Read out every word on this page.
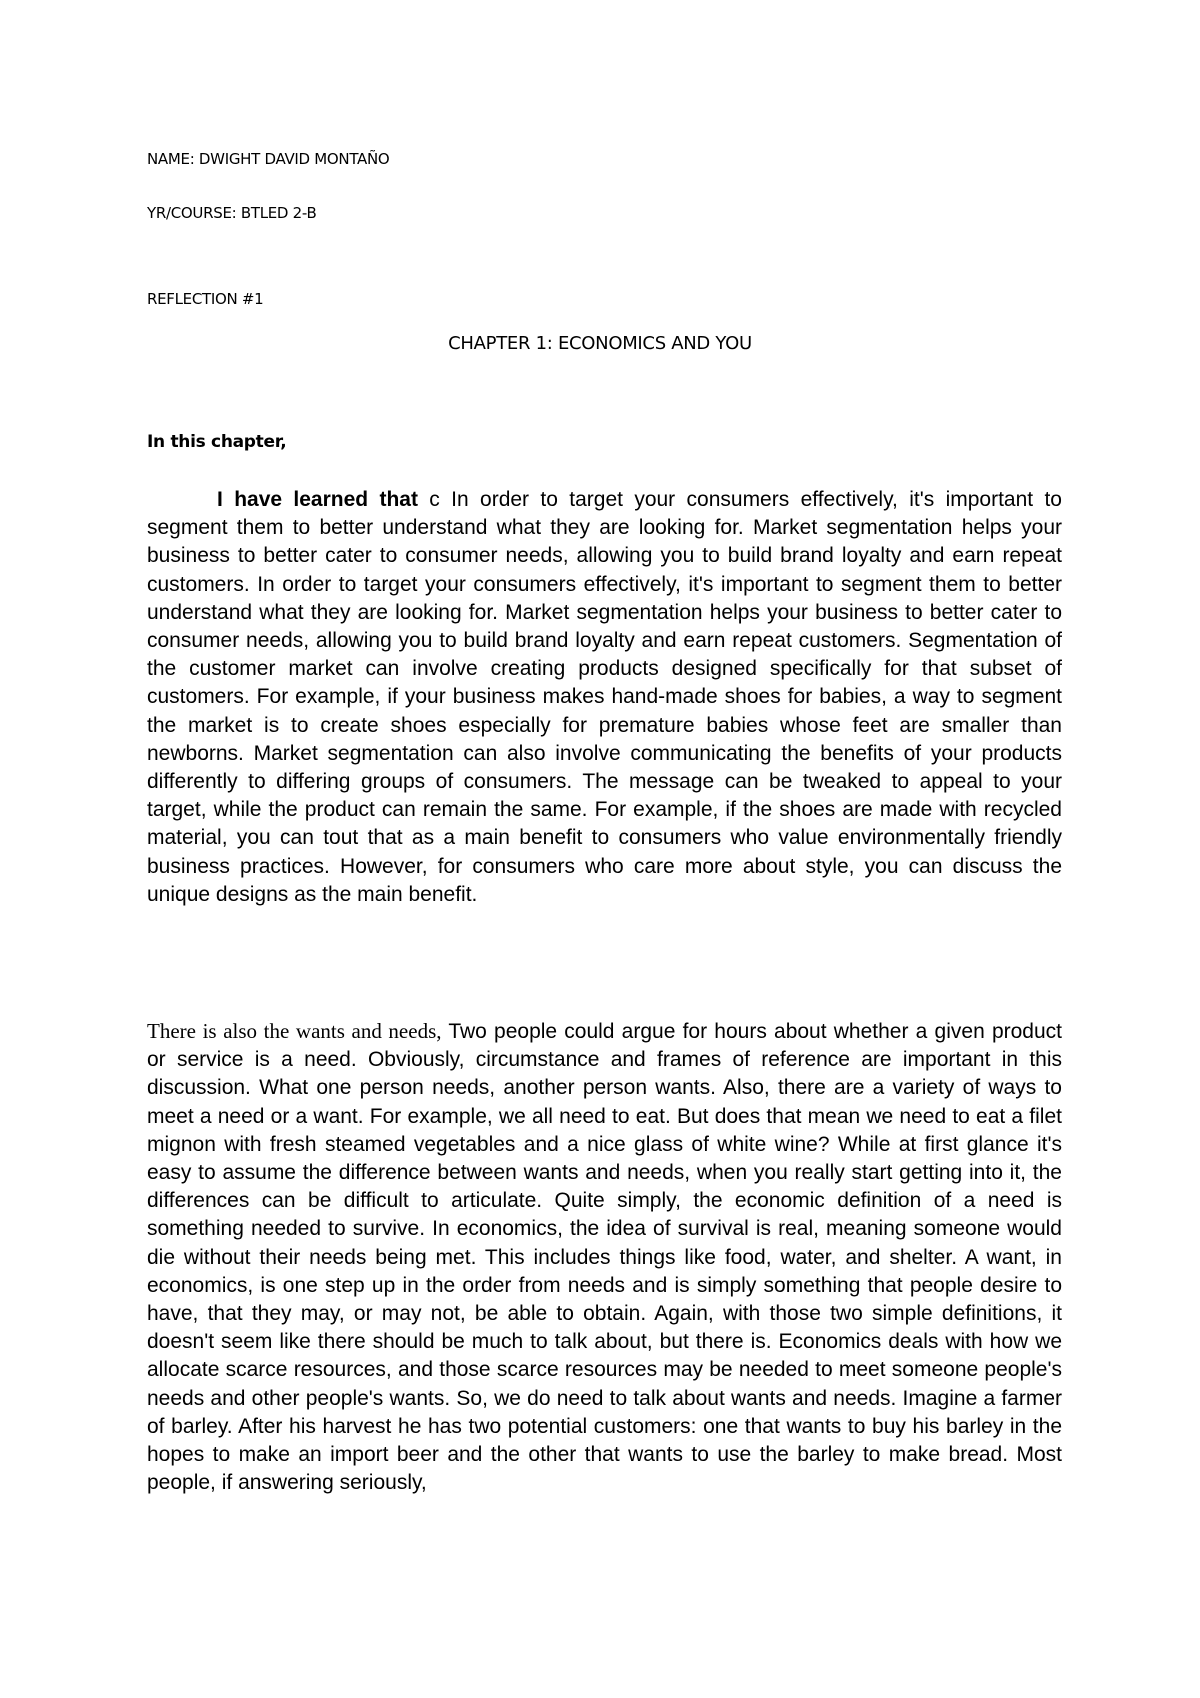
NAME: DWIGHT DAVID MONTAÑO
YR/COURSE: BTLED 2-B
REFLECTION #1
CHAPTER 1: ECONOMICS AND YOU
In this chapter,

I have learned that c In order to target your consumers effectively, it's important to segment them to better understand what they are looking for. Market segmentation helps your business to better cater to consumer needs, allowing you to build brand loyalty and earn repeat customers. In order to target your consumers effectively, it's important to segment them to better understand what they are looking for. Market segmentation helps your business to better cater to consumer needs, allowing you to build brand loyalty and earn repeat customers. Segmentation of the customer market can involve creating products designed specifically for that subset of customers. For example, if your business makes hand-made shoes for babies, a way to segment the market is to create shoes especially for premature babies whose feet are smaller than newborns. Market segmentation can also involve communicating the benefits of your products differently to differing groups of consumers. The message can be tweaked to appeal to your target, while the product can remain the same. For example, if the shoes are made with recycled material, you can tout that as a main benefit to consumers who value environmentally friendly business practices. However, for consumers who care more about style, you can discuss the unique designs as the main benefit.

There is also the wants and needs, Two people could argue for hours about whether a given product or service is a need. Obviously, circumstance and frames of reference are important in this discussion. What one person needs, another person wants. Also, there are a variety of ways to meet a need or a want. For example, we all need to eat. But does that mean we need to eat a filet mignon with fresh steamed vegetables and a nice glass of white wine? While at first glance it's easy to assume the difference between wants and needs, when you really start getting into it, the differences can be difficult to articulate. Quite simply, the economic definition of a need is something needed to survive. In economics, the idea of survival is real, meaning someone would die without their needs being met. This includes things like food, water, and shelter. A want, in economics, is one step up in the order from needs and is simply something that people desire to have, that they may, or may not, be able to obtain. Again, with those two simple definitions, it doesn't seem like there should be much to talk about, but there is. Economics deals with how we allocate scarce resources, and those scarce resources may be needed to meet someone people's needs and other people's wants. So, we do need to talk about wants and needs. Imagine a farmer of barley. After his harvest he has two potential customers: one that wants to buy his barley in the hopes to make an import beer and the other that wants to use the barley to make bread. Most people, if answering seriously,
